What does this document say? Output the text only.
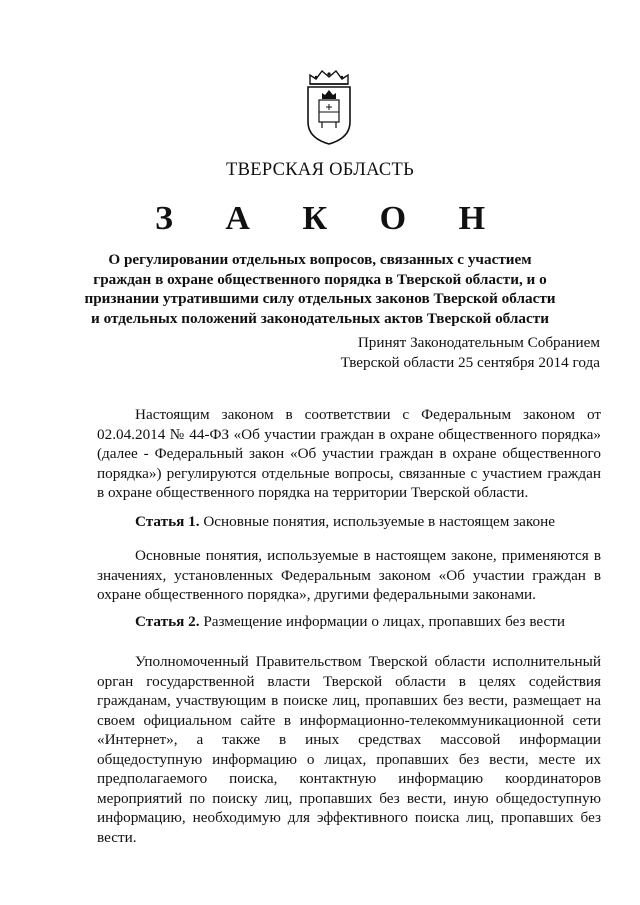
ТВЕРСКАЯ ОБЛАСТЬ
З А К О Н
О регулировании отдельных вопросов, связанных с участием граждан в охране общественного порядка в Тверской области, и о признании утратившими силу отдельных законов Тверской области и отдельных положений законодательных актов Тверской области
Принят Законодательным Собранием
Тверской области 25 сентября 2014 года
Настоящим законом в соответствии с Федеральным законом от 02.04.2014 № 44-ФЗ «Об участии граждан в охране общественного порядка» (далее - Федеральный закон «Об участии граждан в охране общественного порядка») регулируются отдельные вопросы, связанные с участием граждан в охране общественного порядка на территории Тверской области.
Статья 1. Основные понятия, используемые в настоящем законе
Основные понятия, используемые в настоящем законе, применяются в значениях, установленных Федеральным законом «Об участии граждан в охране общественного порядка», другими федеральными законами.
Статья 2. Размещение информации о лицах, пропавших без вести
Уполномоченный Правительством Тверской области исполнительный орган государственной власти Тверской области в целях содействия гражданам, участвующим в поиске лиц, пропавших без вести, размещает на своем официальном сайте в информационно-телекоммуникационной сети «Интернет», а также в иных средствах массовой информации общедоступную информацию о лицах, пропавших без вести, месте их предполагаемого поиска, контактную информацию координаторов мероприятий по поиску лиц, пропавших без вести, иную общедоступную информацию, необходимую для эффективного поиска лиц, пропавших без вести.
